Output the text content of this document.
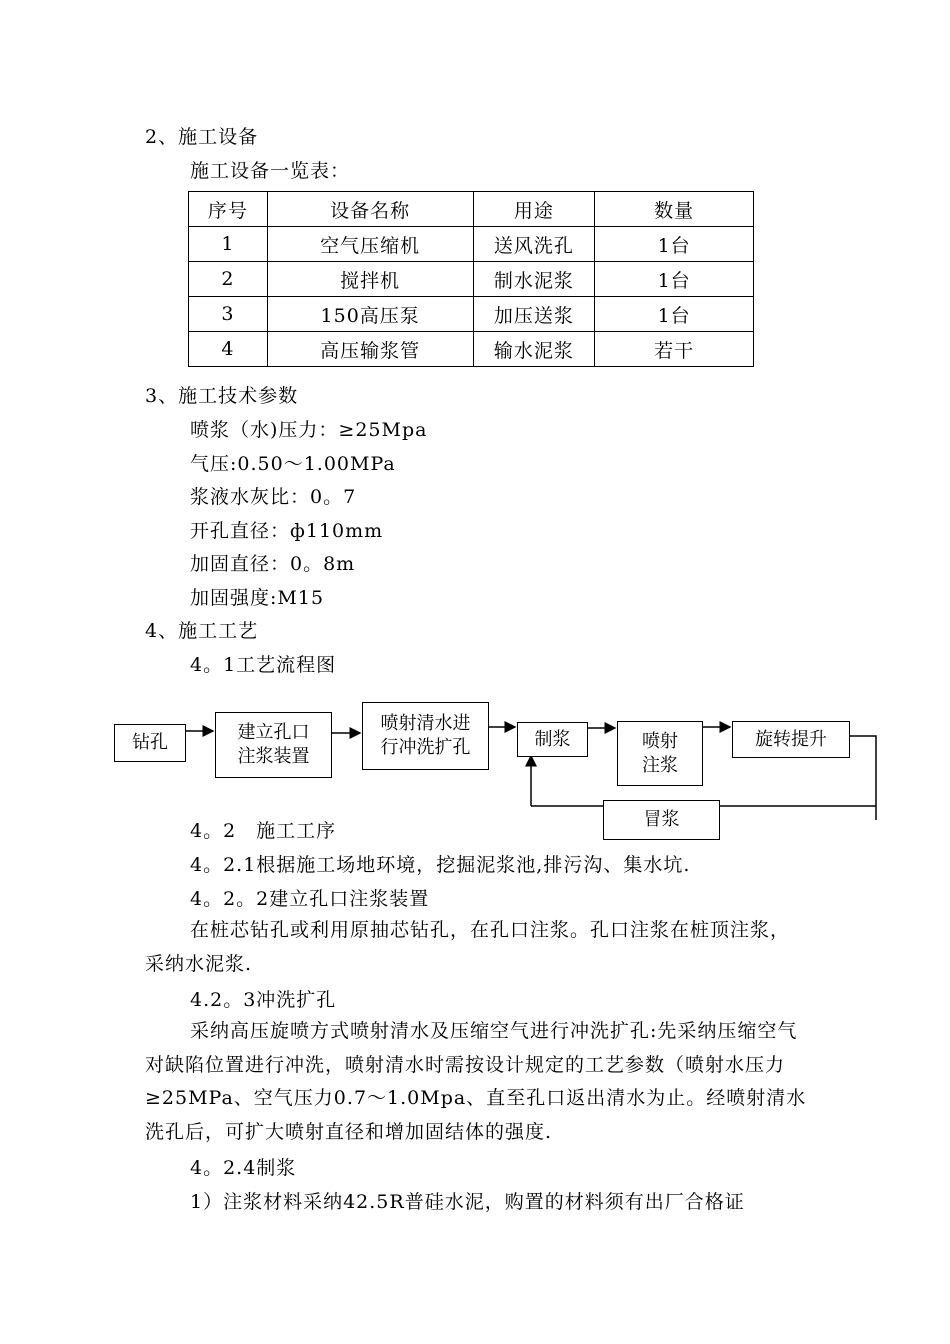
2、施工设备
施工设备一览表：
序号	设备名称	用途	数量
1	空气压缩机	送风洗孔	1台
2	搅拌机	制水泥浆	1台
3	150高压泵	加压送浆	1台
4	高压输浆管	输水泥浆	若干
3、施工技术参数
喷浆（水)压力：≥25Mpa
气压:0.50～1.00MPa
浆液水灰比：0。7
开孔直径：ф110mm
加固直径：0。8m
加固强度:M15
4、施工工艺
4。1工艺流程图
钻孔	建立孔口
注浆装置
喷射清水进
行冲洗扩孔	制浆	喷射
注浆
旋转提升
冒浆
4。2　施工工序
4。2.1根据施工场地环境，挖掘泥浆池,排污沟、集水坑.
4。2。2建立孔口注浆装置
在桩芯钻孔或利用原抽芯钻孔，在孔口注浆。孔口注浆在桩顶注浆，采纳水泥浆.
4.2。3冲洗扩孔
采纳高压旋喷方式喷射清水及压缩空气进行冲洗扩孔:先采纳压缩空气对缺陷位置进行冲洗，喷射清水时需按设计规定的工艺参数（喷射水压力≥25MPa、空气压力0.7～1.0Mpa、直至孔口返出清水为止。经喷射清水洗孔后，可扩大喷射直径和增加固结体的强度.
4。2.4制浆
1）注浆材料采纳42.5R普硅水泥，购置的材料须有出厂合格证
